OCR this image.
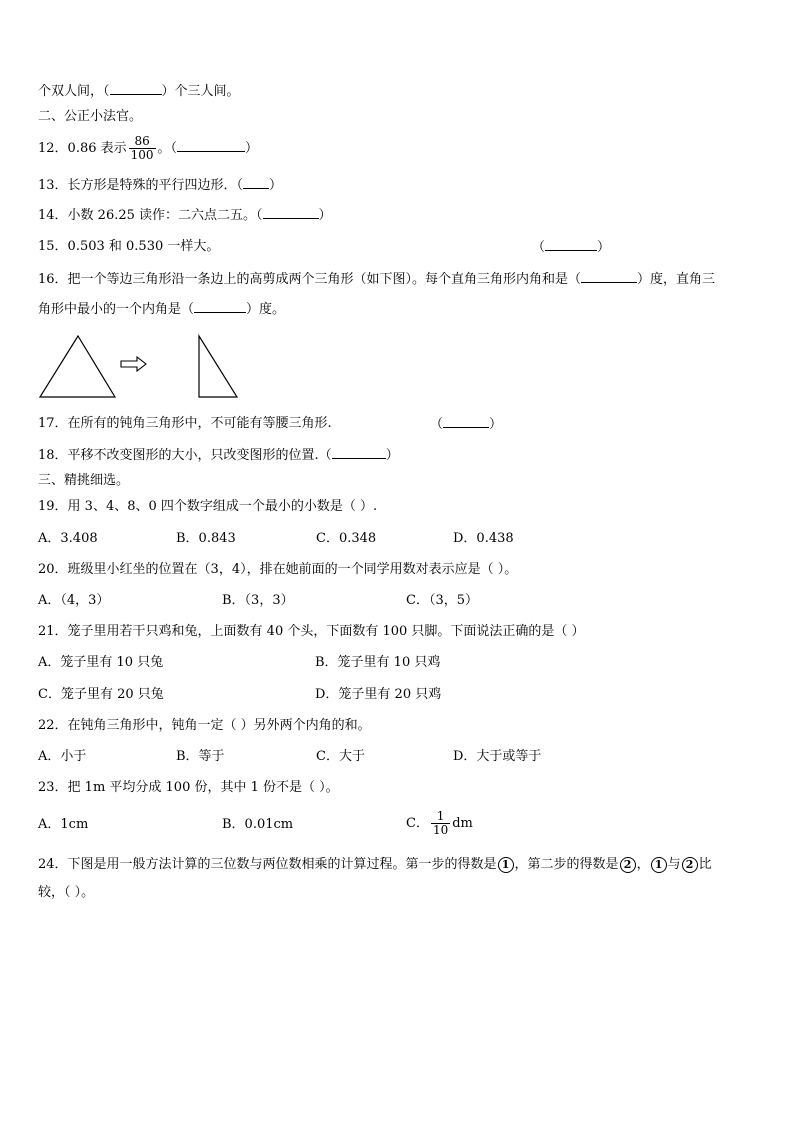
个双人间，（	）个三人间。
二、公正小法官。
12．0.86 表示 $\frac{86}{100}$ 。（	）
13．长方形是特殊的平行四边形．（ ）
14．小数 26.25 读作：二六点二五。（	）
15．0.503 和 0.530 一样大。	（	）
16．把一个等边三角形沿一条边上的高剪成两个三角形（如下图）。每个直角三角形内角和是（	）度，直角三
角形中最小的一个内角是（	）度。
17．在所有的钝角三角形中，不可能有等腰三角形.	（	）
18．平移不改变图形的大小，只改变图形的位置.（	）
三、精挑细选。
19．用 3、4、8、0 四个数字组成一个最小的小数是（ ）.
A．3.408	B．0.843	C．0.348	D．0.438
20．班级里小红坐的位置在（3，4），排在她前面的一个同学用数对表示应是（ ）。
A．（4，3）	B．（3，3）	C．（3，5）
21．笼子里用若干只鸡和兔，上面数有 40 个头，下面数有 100 只脚。下面说法正确的是（ ）
A．笼子里有 10 只兔	B．笼子里有 10 只鸡
C．笼子里有 20 只兔	D．笼子里有 20 只鸡
22．在钝角三角形中，钝角一定（ ）另外两个内角的和。
A．小于	B．等于	C．大于	D．大于或等于
23．把 1m 平均分成 100 份，其中 1 份不是（ ）。
A．1cm	B．0.01cm	C． $\frac{1}{10}$ dm
24．下图是用一般方法计算的三位数与两位数相乘的计算过程。第一步的得数是 1 ，第二步的得数是 2 ， 1 与 2 比
较，（ ）。
